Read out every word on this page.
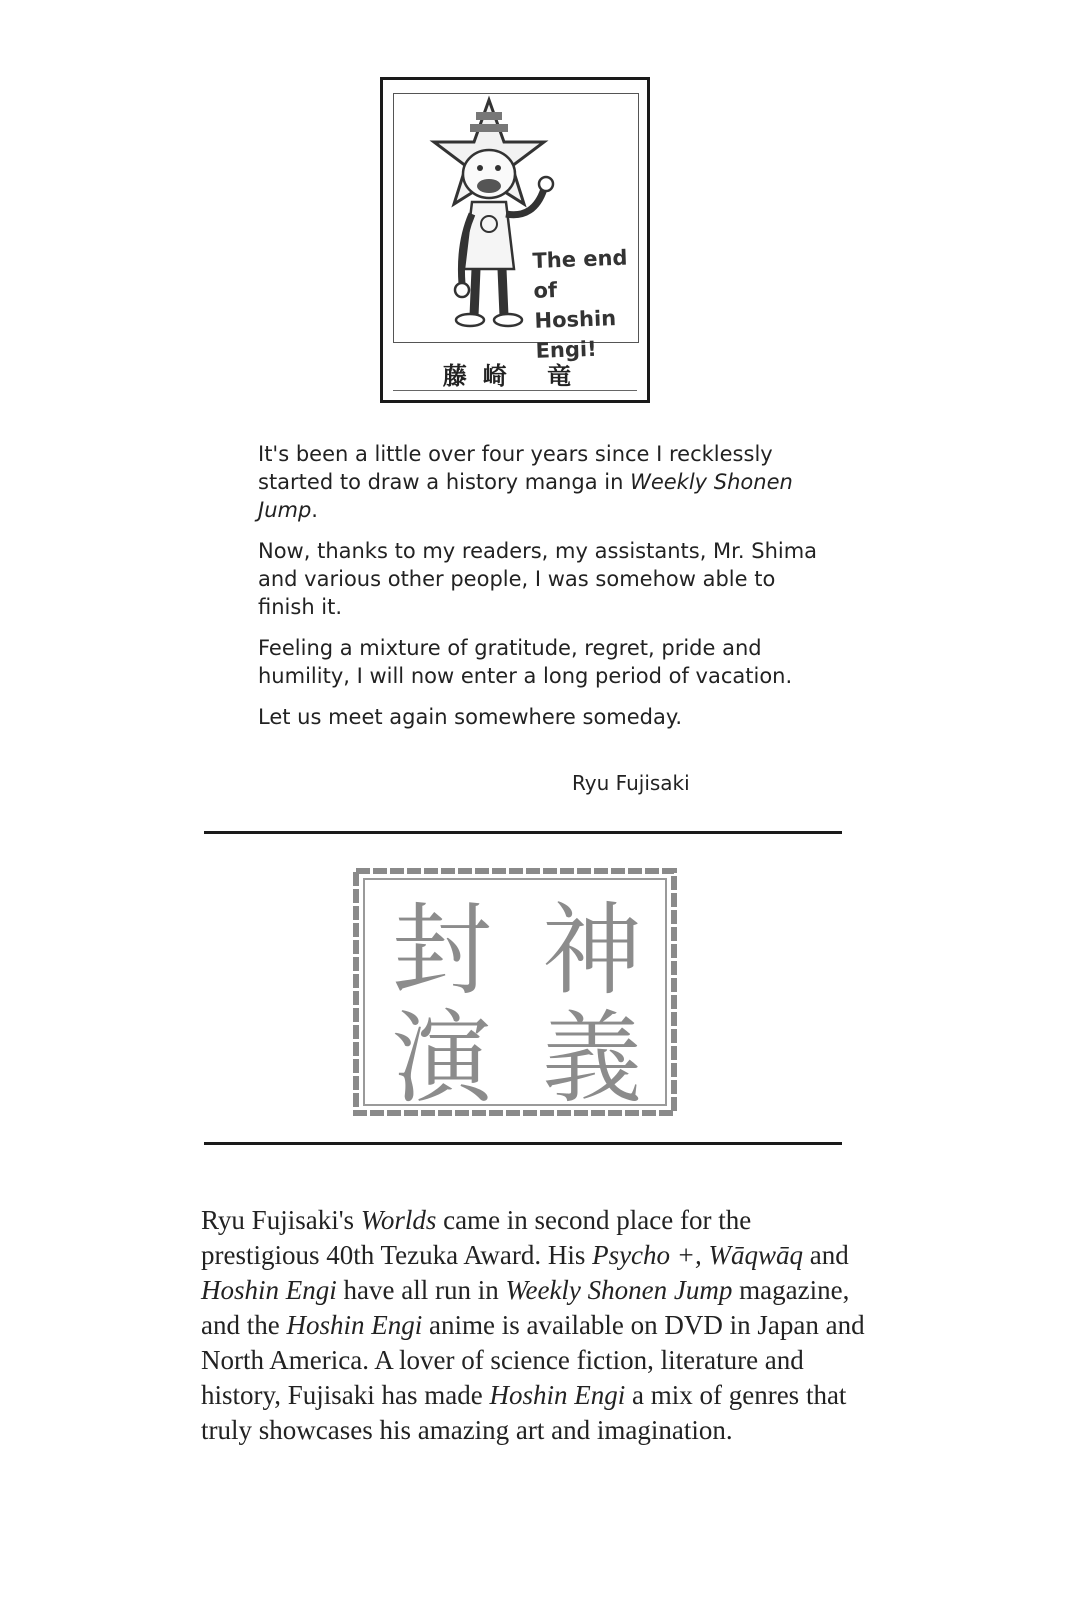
The end
of Hoshin
Engi!
藤崎 竜

It's been a little over four years since I recklessly started to draw a history manga in Weekly Shonen Jump.

Now, thanks to my readers, my assistants, Mr. Shima and various other people, I was somehow able to finish it.

Feeling a mixture of gratitude, regret, pride and humility, I will now enter a long period of vacation.

Let us meet again somewhere someday.

Ryu Fujisaki
神
封
義
演
Ryu Fujisaki's Worlds came in second place for the prestigious 40th Tezuka Award. His Psycho +, Wāqwāq and Hoshin Engi have all run in Weekly Shonen Jump magazine, and the Hoshin Engi anime is available on DVD in Japan and North America. A lover of science fiction, literature and history, Fujisaki has made Hoshin Engi a mix of genres that truly showcases his amazing art and imagination.
